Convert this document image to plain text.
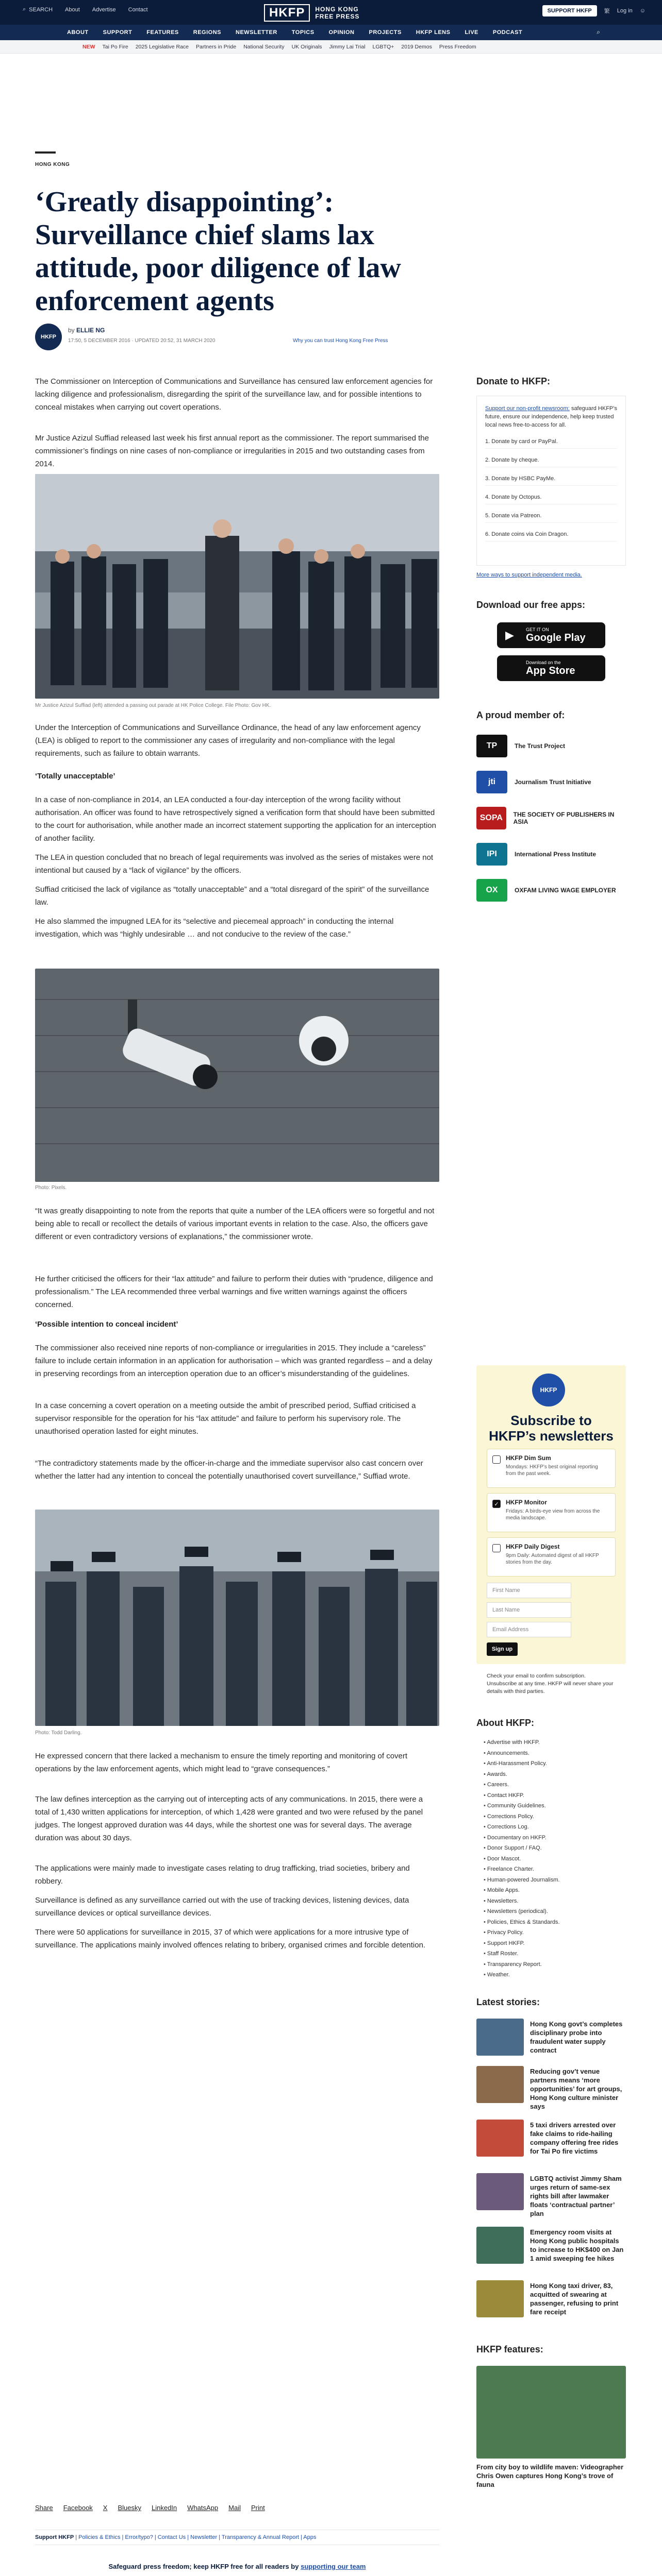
⌕ SEARCH About Advertise Contact	HKFP	HONG KONG
FREE PRESS
SUPPORT HKFP	繁 Log in ☺
ABOUT	SUPPORT	FEATURES	REGIONS	NEWSLETTER	TOPICS	OPINION	PROJECTS	HKFP LENS	LIVE	PODCAST	⌕
NEW Tai Po Fire 2025 Legislative Race Partners in Pride National Security UK Originals Jimmy Lai Trial LGBTQ+ 2019 Demos Press Freedom
HONG KONG
‘Greatly disappointing’: Surveillance chief slams lax attitude, poor diligence of law enforcement agents
HKFP
by ELLIE NG
17:50, 5 DECEMBER 2016 · UPDATED 20:52, 31 MARCH 2020	Why you can trust Hong Kong Free Press

The Commissioner on Interception of Communications and Surveillance has censured law enforcement agencies for lacking diligence and professionalism, disregarding the spirit of the surveillance law, and for possible intentions to conceal mistakes when carrying out covert operations.

Mr Justice Azizul Suffiad released last week his first annual report as the commissioner. The report summarised the commissioner’s findings on nine cases of non-compliance or irregularities in 2015 and two outstanding cases from 2014.

Mr Justice Azizul Suffiad (left) attended a passing out parade at HK Police College. File Photo: Gov HK.

Under the Interception of Communications and Surveillance Ordinance, the head of any law enforcement agency (LEA) is obliged to report to the commissioner any cases of irregularity and non-compliance with the legal requirements, such as failure to obtain warrants.

‘Totally unacceptable’

In a case of non-compliance in 2014, an LEA conducted a four-day interception of the wrong facility without authorisation. An officer was found to have retrospectively signed a verification form that should have been submitted to the court for authorisation, while another made an incorrect statement supporting the application for an interception of another facility.

The LEA in question concluded that no breach of legal requirements was involved as the series of mistakes were not intentional but caused by a “lack of vigilance” by the officers.

Suffiad criticised the lack of vigilance as “totally unacceptable” and a “total disregard of the spirit” of the surveillance law.

He also slammed the impugned LEA for its “selective and piecemeal approach” in conducting the internal investigation, which was “highly undesirable … and not conducive to the review of the case.”

Photo: Pixels.

“It was greatly disappointing to note from the reports that quite a number of the LEA officers were so forgetful and not being able to recall or recollect the details of various important events in relation to the case. Also, the officers gave different or even contradictory versions of explanations,” the commissioner wrote.

He further criticised the officers for their “lax attitude” and failure to perform their duties with “prudence, diligence and professionalism.” The LEA recommended three verbal warnings and five written warnings against the officers concerned.

‘Possible intention to conceal incident’

The commissioner also received nine reports of non-compliance or irregularities in 2015. They include a “careless” failure to include certain information in an application for authorisation – which was granted regardless – and a delay in preserving recordings from an interception operation due to an officer’s misunderstanding of the guidelines.

In a case concerning a covert operation on a meeting outside the ambit of prescribed period, Suffiad criticised a supervisor responsible for the operation for his “lax attitude” and failure to perform his supervisory role. The unauthorised operation lasted for eight minutes.

“The contradictory statements made by the officer-in-charge and the immediate supervisor also cast concern over whether the latter had any intention to conceal the potentially unauthorised covert surveillance,” Suffiad wrote.

Photo: Todd Darling.

He expressed concern that there lacked a mechanism to ensure the timely reporting and monitoring of covert operations by the law enforcement agents, which might lead to “grave consequences.”

The law defines interception as the carrying out of intercepting acts of any communications. In 2015, there were a total of 1,430 written applications for interception, of which 1,428 were granted and two were refused by the panel judges. The longest approved duration was 44 days, while the shortest one was for several days. The average duration was about 30 days.

The applications were mainly made to investigate cases relating to drug trafficking, triad societies, bribery and robbery.

Surveillance is defined as any surveillance carried out with the use of tracking devices, listening devices, data surveillance devices or optical surveillance devices.

There were 50 applications for surveillance in 2015, 37 of which were applications for a more intrusive type of surveillance. The applications mainly involved offences relating to bribery, organised crimes and forcible detention.

Share Facebook X Bluesky LinkedIn WhatsApp Mail Print
Support HKFP | Policies & Ethics | Error/typo? | Contact Us | Newsletter | Transparency & Annual Report | Apps
Safeguard press freedom; keep HKFP free for all readers by supporting our team
Donate to HKFP:
Support our non-profit newsroom: safeguard HKFP’s future, ensure our independence, help keep trusted local news free-to-access for all.
1. Donate by card or PayPal.
2. Donate by cheque.
3. Donate by HSBC PayMe.
4. Donate by Octopus.
5. Donate via Patreon.
6. Donate coins via Coin Dragon.
More ways to support independent media.
Download our free apps:
▶	GET IT ON
Google Play
Download on the
App Store
A proud member of:
TP	The Trust Project
jti	Journalism Trust Initiative
SOPA	THE SOCIETY OF PUBLISHERS IN ASIA
IPI	International Press Institute
OX	OXFAM LIVING WAGE EMPLOYER
HKFP
Subscribe to HKFP’s newsletters
HKFP Dim Sum
Mondays: HKFP’s best original reporting from the past week.
✓ HKFP Monitor
Fridays: A birds-eye view from across the media landscape.
HKFP Daily Digest
9pm Daily: Automated digest of all HKFP stories from the day.
First Name
Last Name
Email Address
Sign up
Check your email to confirm subscription. Unsubscribe at any time. HKFP will never share your details with third parties.
About HKFP:
• Advertise with HKFP.
• Announcements.
• Anti-Harassment Policy.
• Awards.
• Careers.
• Contact HKFP.
• Community Guidelines.
• Corrections Policy.
• Corrections Log.
• Documentary on HKFP.
• Donor Support / FAQ.
• Door Mascot.
• Freelance Charter.
• Human-powered Journalism.
• Mobile Apps.
• Newsletters.
• Newsletters (periodical).
• Policies, Ethics & Standards.
• Privacy Policy.
• Support HKFP.
• Staff Roster.
• Transparency Report.
• Weather.
Latest stories:
Hong Kong govt’s completes disciplinary probe into fraudulent water supply contract
Reducing gov’t venue partners means ‘more opportunities’ for art groups, Hong Kong culture minister says
5 taxi drivers arrested over fake claims to ride-hailing company offering free rides for Tai Po fire victims
LGBTQ activist Jimmy Sham urges return of same-sex rights bill after lawmaker floats ‘contractual partner’ plan
Emergency room visits at Hong Kong public hospitals to increase to HK$400 on Jan 1 amid sweeping fee hikes
Hong Kong taxi driver, 83, acquitted of swearing at passenger, refusing to print fare receipt
HKFP features:
From city boy to wildlife maven: Videographer Chris Owen captures Hong Kong’s trove of fauna
